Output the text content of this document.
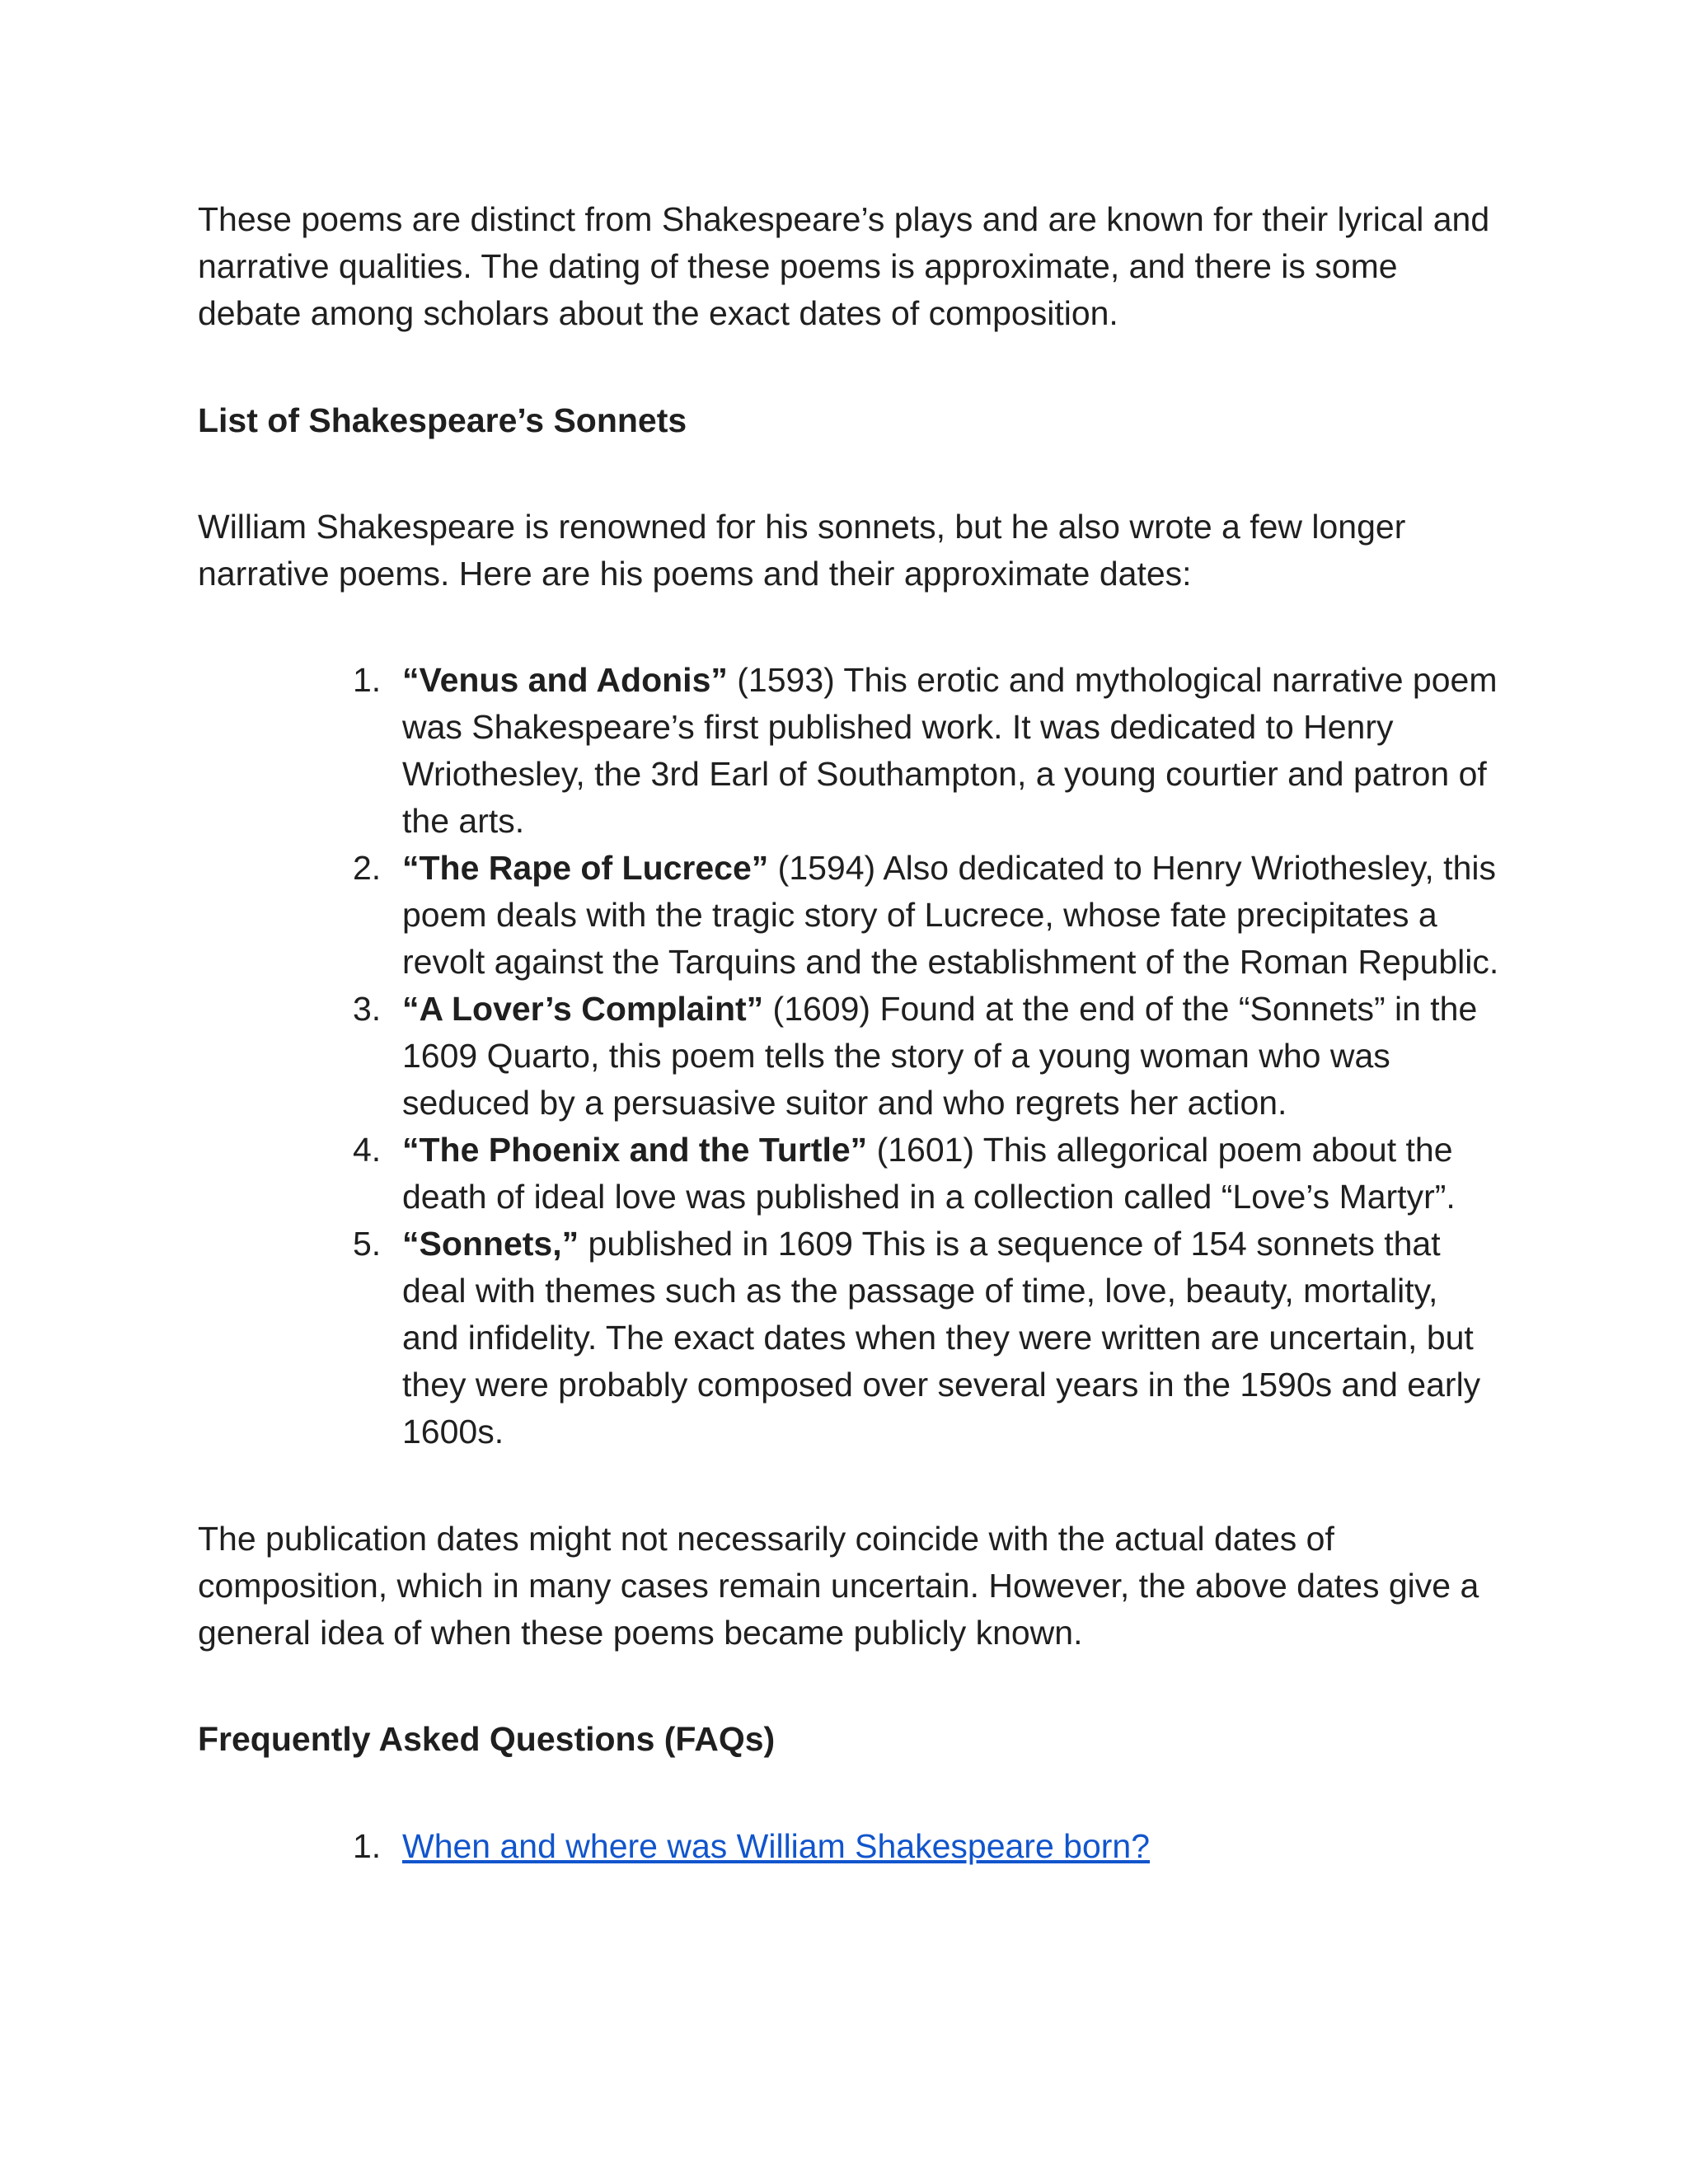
These poems are distinct from Shakespeare’s plays and are known for their lyrical and narrative qualities. The dating of these poems is approximate, and there is some debate among scholars about the exact dates of composition.

List of Shakespeare’s Sonnets

William Shakespeare is renowned for his sonnets, but he also wrote a few longer narrative poems. Here are his poems and their approximate dates:

1. “Venus and Adonis” (1593) This erotic and mythological narrative poem was Shakespeare’s first published work. It was dedicated to Henry Wriothesley, the 3rd Earl of Southampton, a young courtier and patron of the arts.
2. “The Rape of Lucrece” (1594) Also dedicated to Henry Wriothesley, this poem deals with the tragic story of Lucrece, whose fate precipitates a revolt against the Tarquins and the establishment of the Roman Republic.
3. “A Lover’s Complaint” (1609) Found at the end of the “Sonnets” in the 1609 Quarto, this poem tells the story of a young woman who was seduced by a persuasive suitor and who regrets her action.
4. “The Phoenix and the Turtle” (1601) This allegorical poem about the death of ideal love was published in a collection called “Love’s Martyr”.
5. “Sonnets,” published in 1609 This is a sequence of 154 sonnets that deal with themes such as the passage of time, love, beauty, mortality, and infidelity. The exact dates when they were written are uncertain, but they were probably composed over several years in the 1590s and early 1600s.

The publication dates might not necessarily coincide with the actual dates of composition, which in many cases remain uncertain. However, the above dates give a general idea of when these poems became publicly known.

Frequently Asked Questions (FAQs)

1. When and where was William Shakespeare born?
